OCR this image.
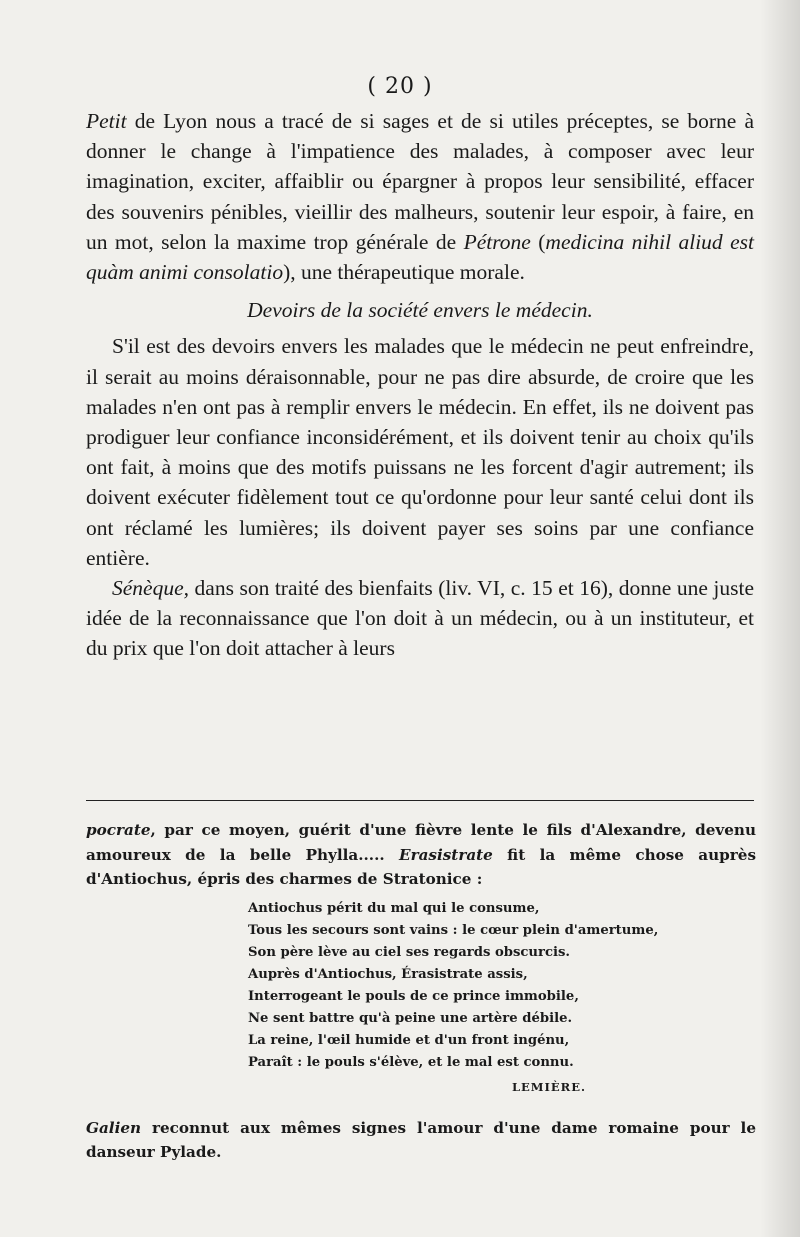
( 20 )

Petit de Lyon nous a tracé de si sages et de si utiles préceptes, se borne à donner le change à l'impatience des malades, à composer avec leur imagination, exciter, affaiblir ou épargner à propos leur sensibilité, effacer des souvenirs pénibles, vieillir des malheurs, soutenir leur espoir, à faire, en un mot, selon la maxime trop générale de Pétrone (medicina nihil aliud est quàm animi consolatio), une thérapeutique morale.

Devoirs de la société envers le médecin.

S'il est des devoirs envers les malades que le médecin ne peut enfreindre, il serait au moins déraisonnable, pour ne pas dire absurde, de croire que les malades n'en ont pas à remplir envers le médecin. En effet, ils ne doivent pas prodiguer leur confiance inconsidérément, et ils doivent tenir au choix qu'ils ont fait, à moins que des motifs puissans ne les forcent d'agir autrement; ils doivent exécuter fidèlement tout ce qu'ordonne pour leur santé celui dont ils ont réclamé les lumières; ils doivent payer ses soins par une confiance entière.

Sénèque, dans son traité des bienfaits (liv. VI, c. 15 et 16), donne une juste idée de la reconnaissance que l'on doit à un médecin, ou à un instituteur, et du prix que l'on doit attacher à leurs

pocrate, par ce moyen, guérit d'une fièvre lente le fils d'Alexandre, devenu amoureux de la belle Phylla..... Erasistrate fit la même chose auprès d'Antiochus, épris des charmes de Stratonice :

Antiochus périt du mal qui le consume,
Tous les secours sont vains : le cœur plein d'amertume,
Son père lève au ciel ses regards obscurcis.
Auprès d'Antiochus, Érasistrate assis,
Interrogeant le pouls de ce prince immobile,
Ne sent battre qu'à peine une artère débile.
La reine, l'œil humide et d'un front ingénu,
Paraît : le pouls s'élève, et le mal est connu.

LEMIÈRE.

Galien reconnut aux mêmes signes l'amour d'une dame romaine pour le danseur Pylade.
